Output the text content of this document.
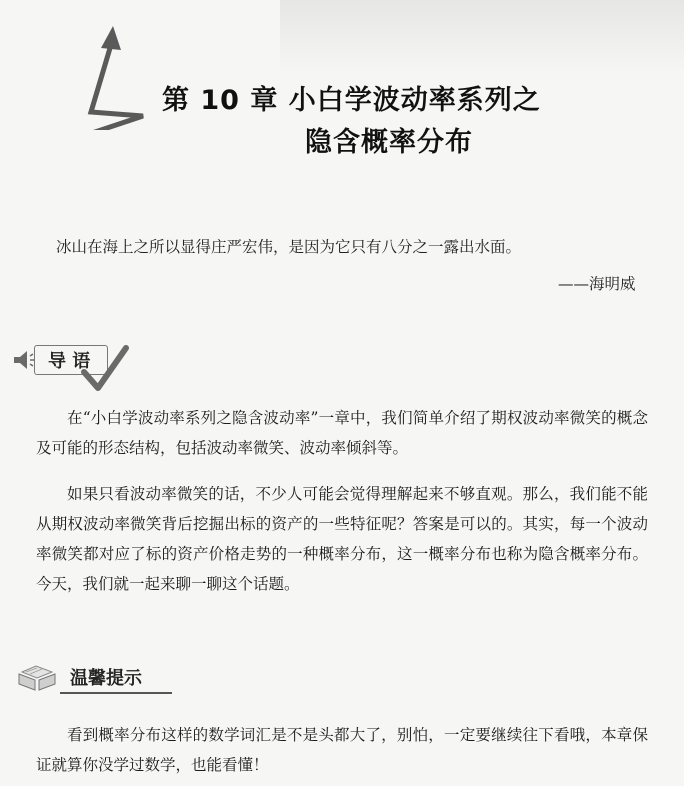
第 10 章 小白学波动率系列之
隐含概率分布
冰山在海上之所以显得庄严宏伟，是因为它只有八分之一露出水面。
——海明威
导 语

在“小白学波动率系列之隐含波动率”一章中，我们简单介绍了期权波动率微笑的概念及可能的形态结构，包括波动率微笑、波动率倾斜等。

如果只看波动率微笑的话，不少人可能会觉得理解起来不够直观。那么，我们能不能从期权波动率微笑背后挖掘出标的资产的一些特征呢？答案是可以的。其实，每一个波动率微笑都对应了标的资产价格走势的一种概率分布，这一概率分布也称为隐含概率分布。今天，我们就一起来聊一聊这个话题。

温馨提示

看到概率分布这样的数学词汇是不是头都大了，别怕，一定要继续往下看哦，本章保证就算你没学过数学，也能看懂！
